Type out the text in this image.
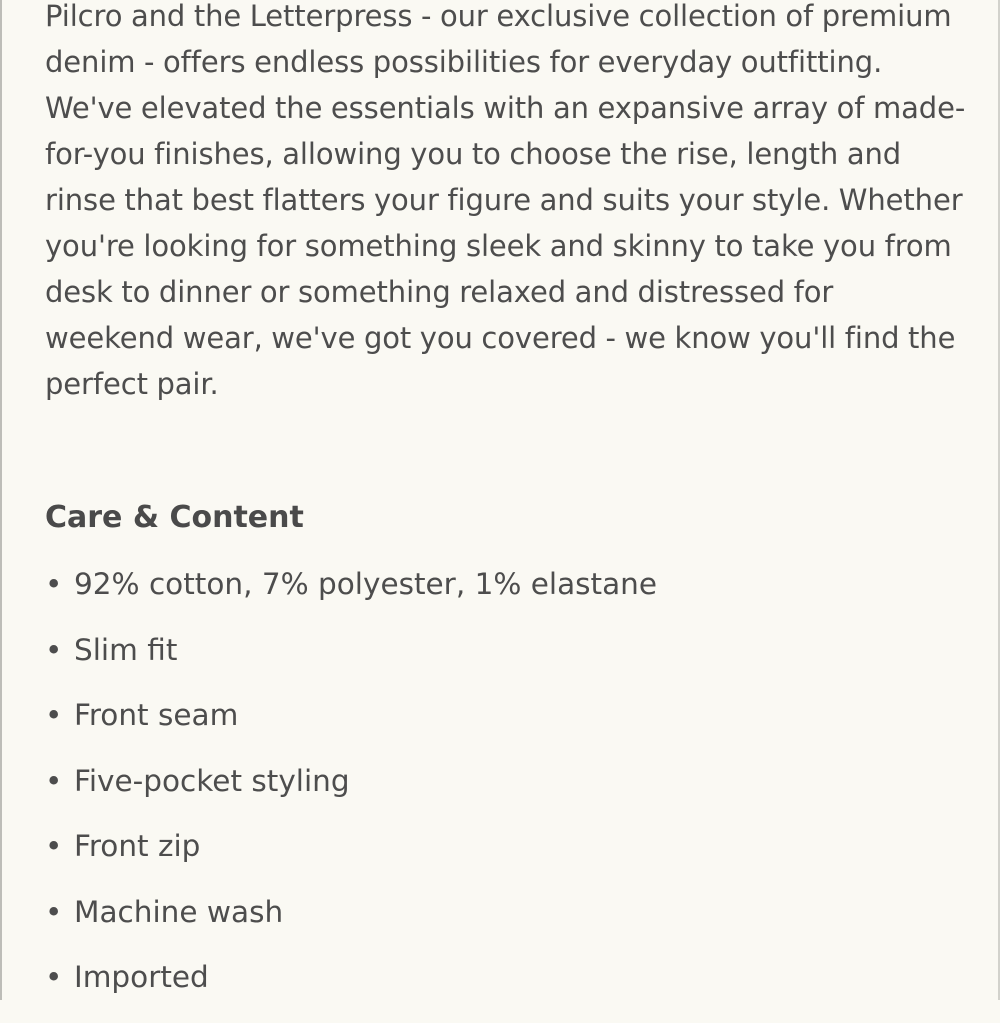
Pilcro and the Letterpress - our exclusive collection of premium denim - offers endless possibilities for everyday outfitting. We've elevated the essentials with an expansive array of made-for-you finishes, allowing you to choose the rise, length and rinse that best flatters your figure and suits your style. Whether you're looking for something sleek and skinny to take you from desk to dinner or something relaxed and distressed for weekend wear, we've got you covered - we know you'll find the perfect pair.

Care & Content
• 92% cotton, 7% polyester, 1% elastane
• Slim fit
• Front seam
• Five-pocket styling
• Front zip
• Machine wash
• Imported
